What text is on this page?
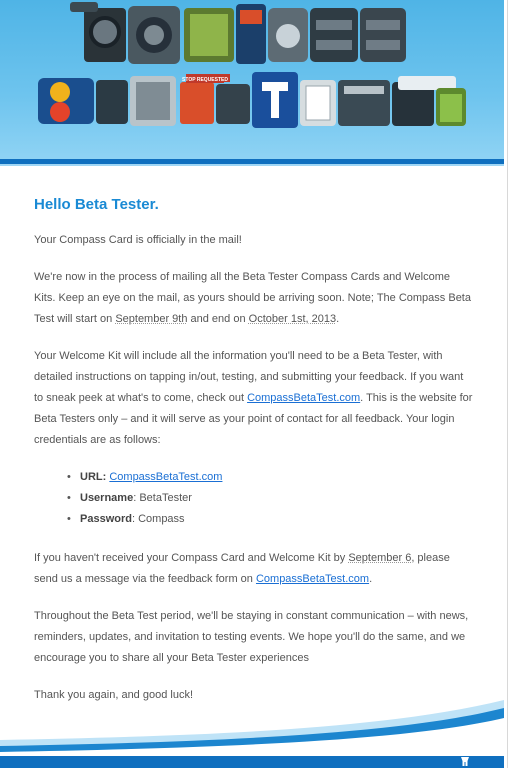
COMPASS
STOP REQUESTED
BETA TEST
Hello Beta Tester.

Your Compass Card is officially in the mail!

We're now in the process of mailing all the Beta Tester Compass Cards and Welcome Kits. Keep an eye on the mail, as yours should be arriving soon. Note; The Compass Beta Test will start on September 9th and end on October 1st, 2013.

Your Welcome Kit will include all the information you'll need to be a Beta Tester, with detailed instructions on tapping in/out, testing, and submitting your feedback. If you want to sneak peek at what's to come, check out CompassBetaTest.com. This is the website for Beta Testers only – and it will serve as your point of contact for all feedback. Your login credentials are as follows:

• URL: CompassBetaTest.com
• Username: BetaTester
• Password: Compass

If you haven't received your Compass Card and Welcome Kit by September 6, please send us a message via the feedback form on CompassBetaTest.com.

Throughout the Beta Test period, we'll be staying in constant communication – with news, reminders, updates, and invitation to testing events. We hope you'll do the same, and we encourage you to share all your Beta Tester experiences

Thank you again, and good luck!
